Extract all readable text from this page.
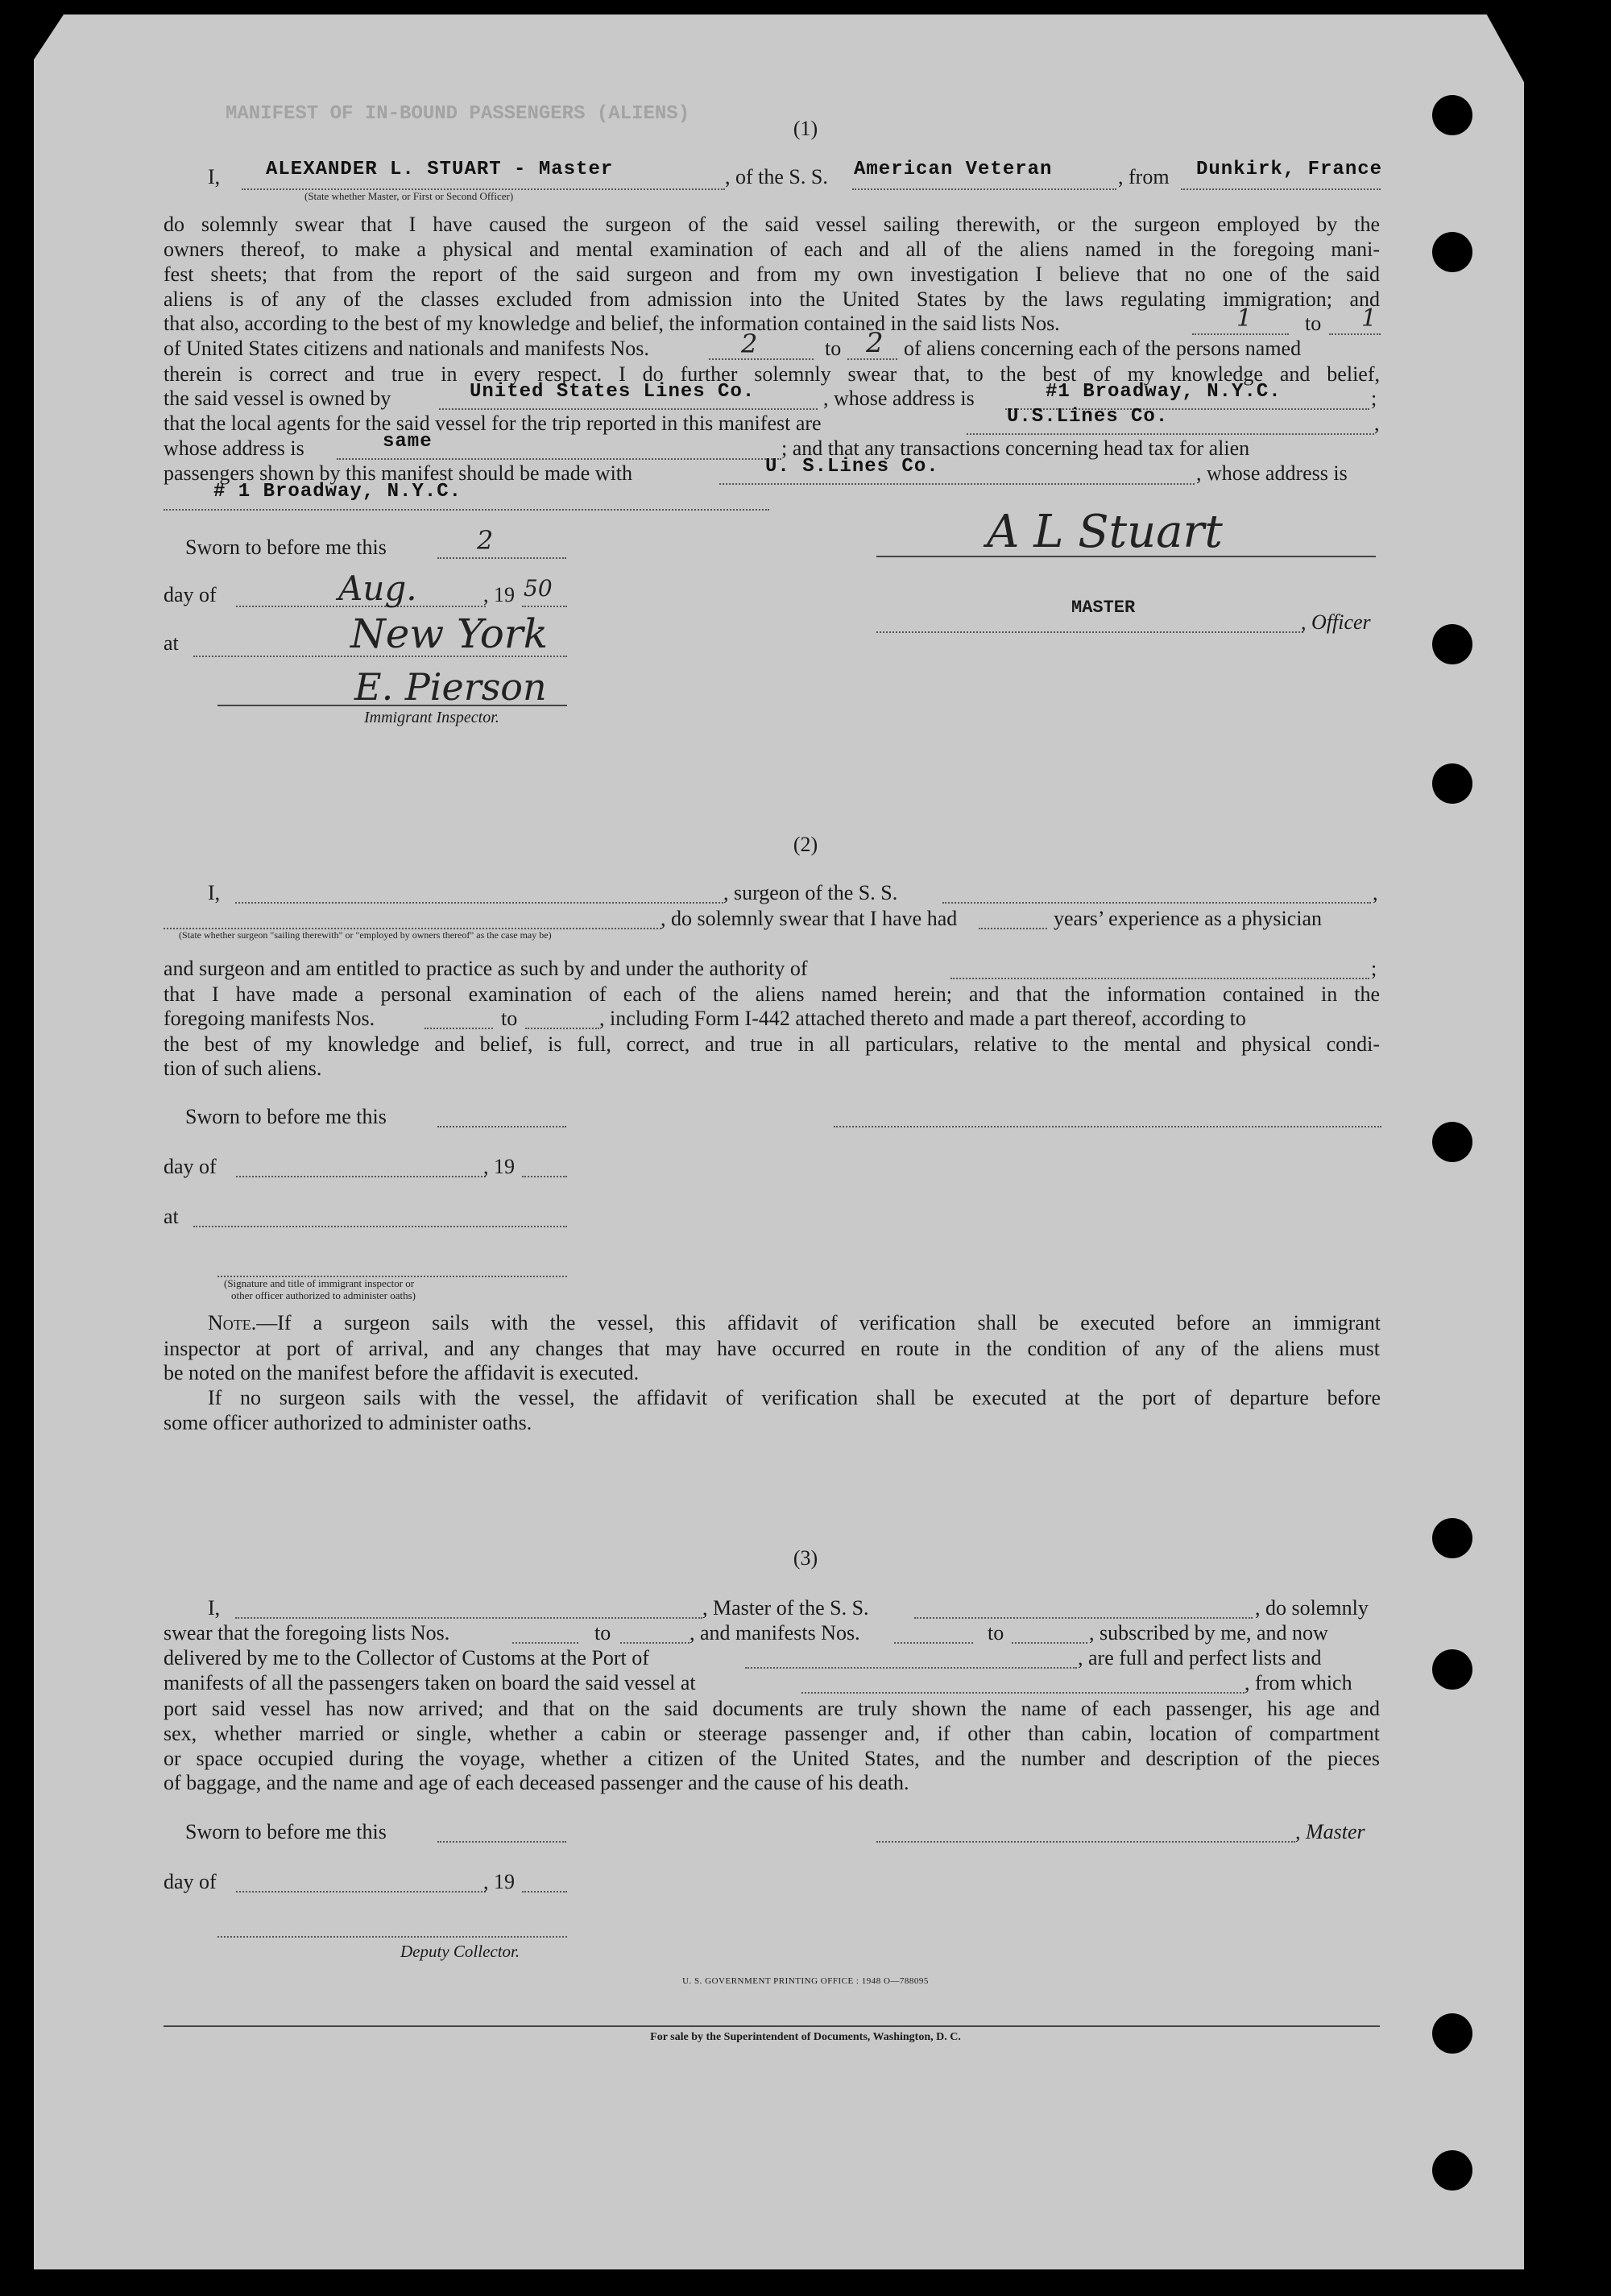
MANIFEST OF IN-BOUND PASSENGERS (ALIENS)
(1)
I, ALEXANDER L. STUART - Master
(State whether Master, or First or Second Officer)
, of the S. S. American Veteran	, from Dunkirk, France
do solemnly swear that I have caused the surgeon of the said vessel sailing therewith, or the surgeon employed by the
owners thereof, to make a physical and mental examination of each and all of the aliens named in the foregoing mani-
fest sheets; that from the report of the said surgeon and from my own investigation I believe that no one of the said
aliens is of any of the classes excluded from admission into the United States by the laws regulating immigration; and
that also, according to the best of my knowledge and belief, the information contained in the said lists Nos.	1	to 1
of United States citizens and nationals and manifests Nos.	2	to 2 of aliens concerning each of the persons named
therein is correct and true in every respect. I do further solemnly swear that, to the best of my knowledge and belief,
the said vessel is owned by	United States Lines Co.	, whose address is	#1 Broadway, N.Y.C.	;
that the local agents for the said vessel for the trip reported in this manifest are	U.S.Lines Co.	,
whose address is	same	; and that any transactions concerning head tax for alien
passengers shown by this manifest should be made with	U. S.Lines Co.	, whose address is
# 1 Broadway, N.Y.C.
Sworn to before me this	2
day of	Aug.	, 19 50
at	New York
E. Pierson
Immigrant Inspector.
A L Stuart
MASTER
, Officer
(2)
I,	, surgeon of the S. S.	,
, do solemnly swear that I have had	years’ experience as a physician
(State whether surgeon "sailing therewith" or "employed by owners thereof" as the case may be)
and surgeon and am entitled to practice as such by and under the authority of	;
that I have made a personal examination of each of the aliens named herein; and that the information contained in the
foregoing manifests Nos.	to	, including Form I-442 attached thereto and made a part thereof, according to
the best of my knowledge and belief, is full, correct, and true in all particulars, relative to the mental and physical condi-
tion of such aliens.
Sworn to before me this
day of	, 19
at
(Signature and title of immigrant inspector or
other officer authorized to administer oaths)
Note. —If a surgeon sails with the vessel, this affidavit of verification shall be executed before an immigrant
inspector at port of arrival, and any changes that may have occurred en route in the condition of any of the aliens must
be noted on the manifest before the affidavit is executed.
If no surgeon sails with the vessel, the affidavit of verification shall be executed at the port of departure before
some officer authorized to administer oaths.
(3)
I,	, Master of the S. S.	, do solemnly
swear that the foregoing lists Nos.	to	, and manifests Nos.	to	, subscribed by me, and now
delivered by me to the Collector of Customs at the Port of	, are full and perfect lists and
manifests of all the passengers taken on board the said vessel at	, from which
port said vessel has now arrived; and that on the said documents are truly shown the name of each passenger, his age and
sex, whether married or single, whether a cabin or steerage passenger and, if other than cabin, location of compartment
or space occupied during the voyage, whether a citizen of the United States, and the number and description of the pieces
of baggage, and the name and age of each deceased passenger and the cause of his death.
Sworn to before me this	, Master
day of	, 19
Deputy Collector.
U. S. GOVERNMENT PRINTING OFFICE : 1948 O—788095
For sale by the Superintendent of Documents, Washington, D. C.
